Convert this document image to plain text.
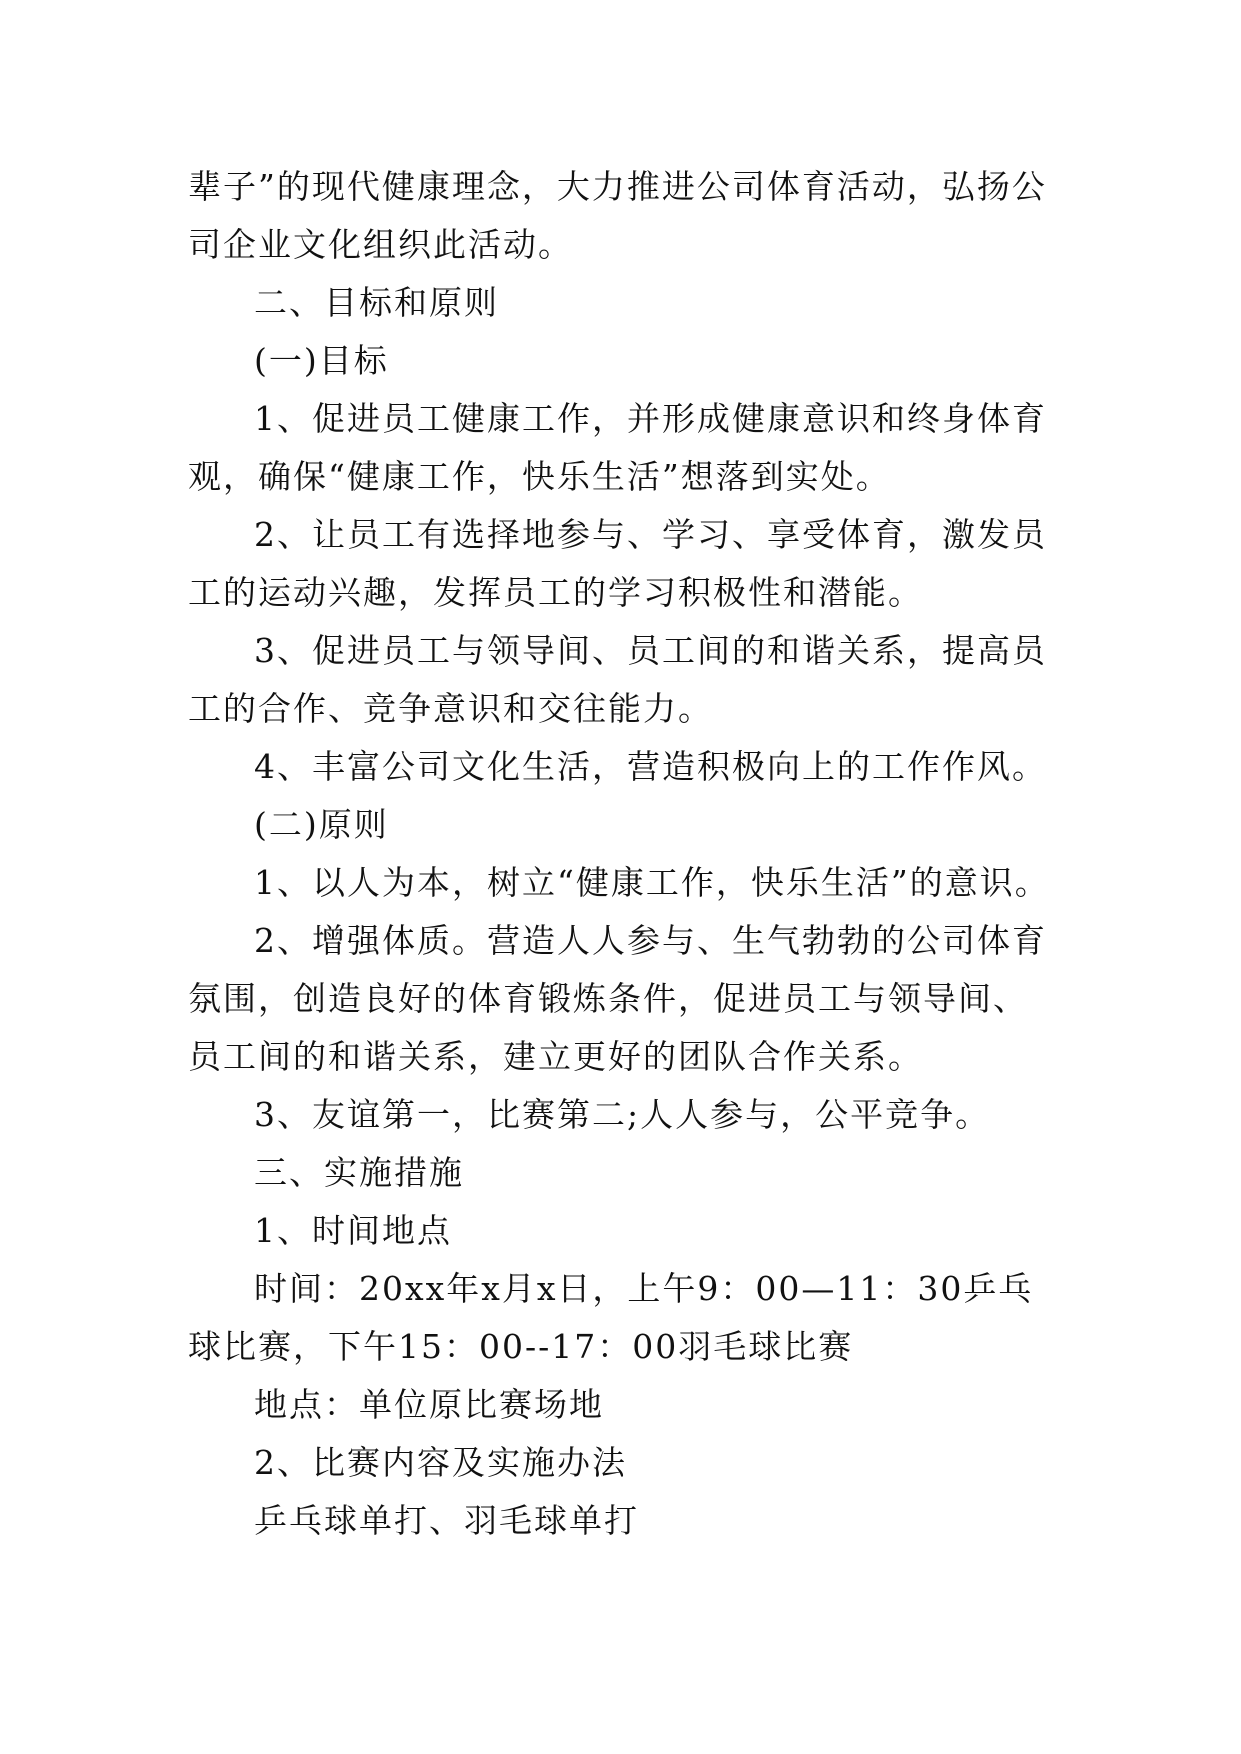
辈子”的现代健康理念，大力推进公司体育活动，弘扬公司企业文化组织此活动。

二、目标和原则

(一)目标

1、促进员工健康工作，并形成健康意识和终身体育观，确保“健康工作，快乐生活”想落到实处。

2、让员工有选择地参与、学习、享受体育，激发员工的运动兴趣，发挥员工的学习积极性和潜能。

3、促进员工与领导间、员工间的和谐关系，提高员工的合作、竞争意识和交往能力。

4、丰富公司文化生活，营造积极向上的工作作风。

(二)原则

1、以人为本，树立“健康工作，快乐生活”的意识。

2、增强体质。营造人人参与、生气勃勃的公司体育氛围，创造良好的体育锻炼条件，促进员工与领导间、员工间的和谐关系，建立更好的团队合作关系。

3、友谊第一，比赛第二;人人参与，公平竞争。

三、实施措施

1、时间地点

时间：20xx年x月x日，上午9：00—11：30乒乓球比赛，下午15：00--17：00羽毛球比赛

地点：单位原比赛场地

2、比赛内容及实施办法

乒乓球单打、羽毛球单打
